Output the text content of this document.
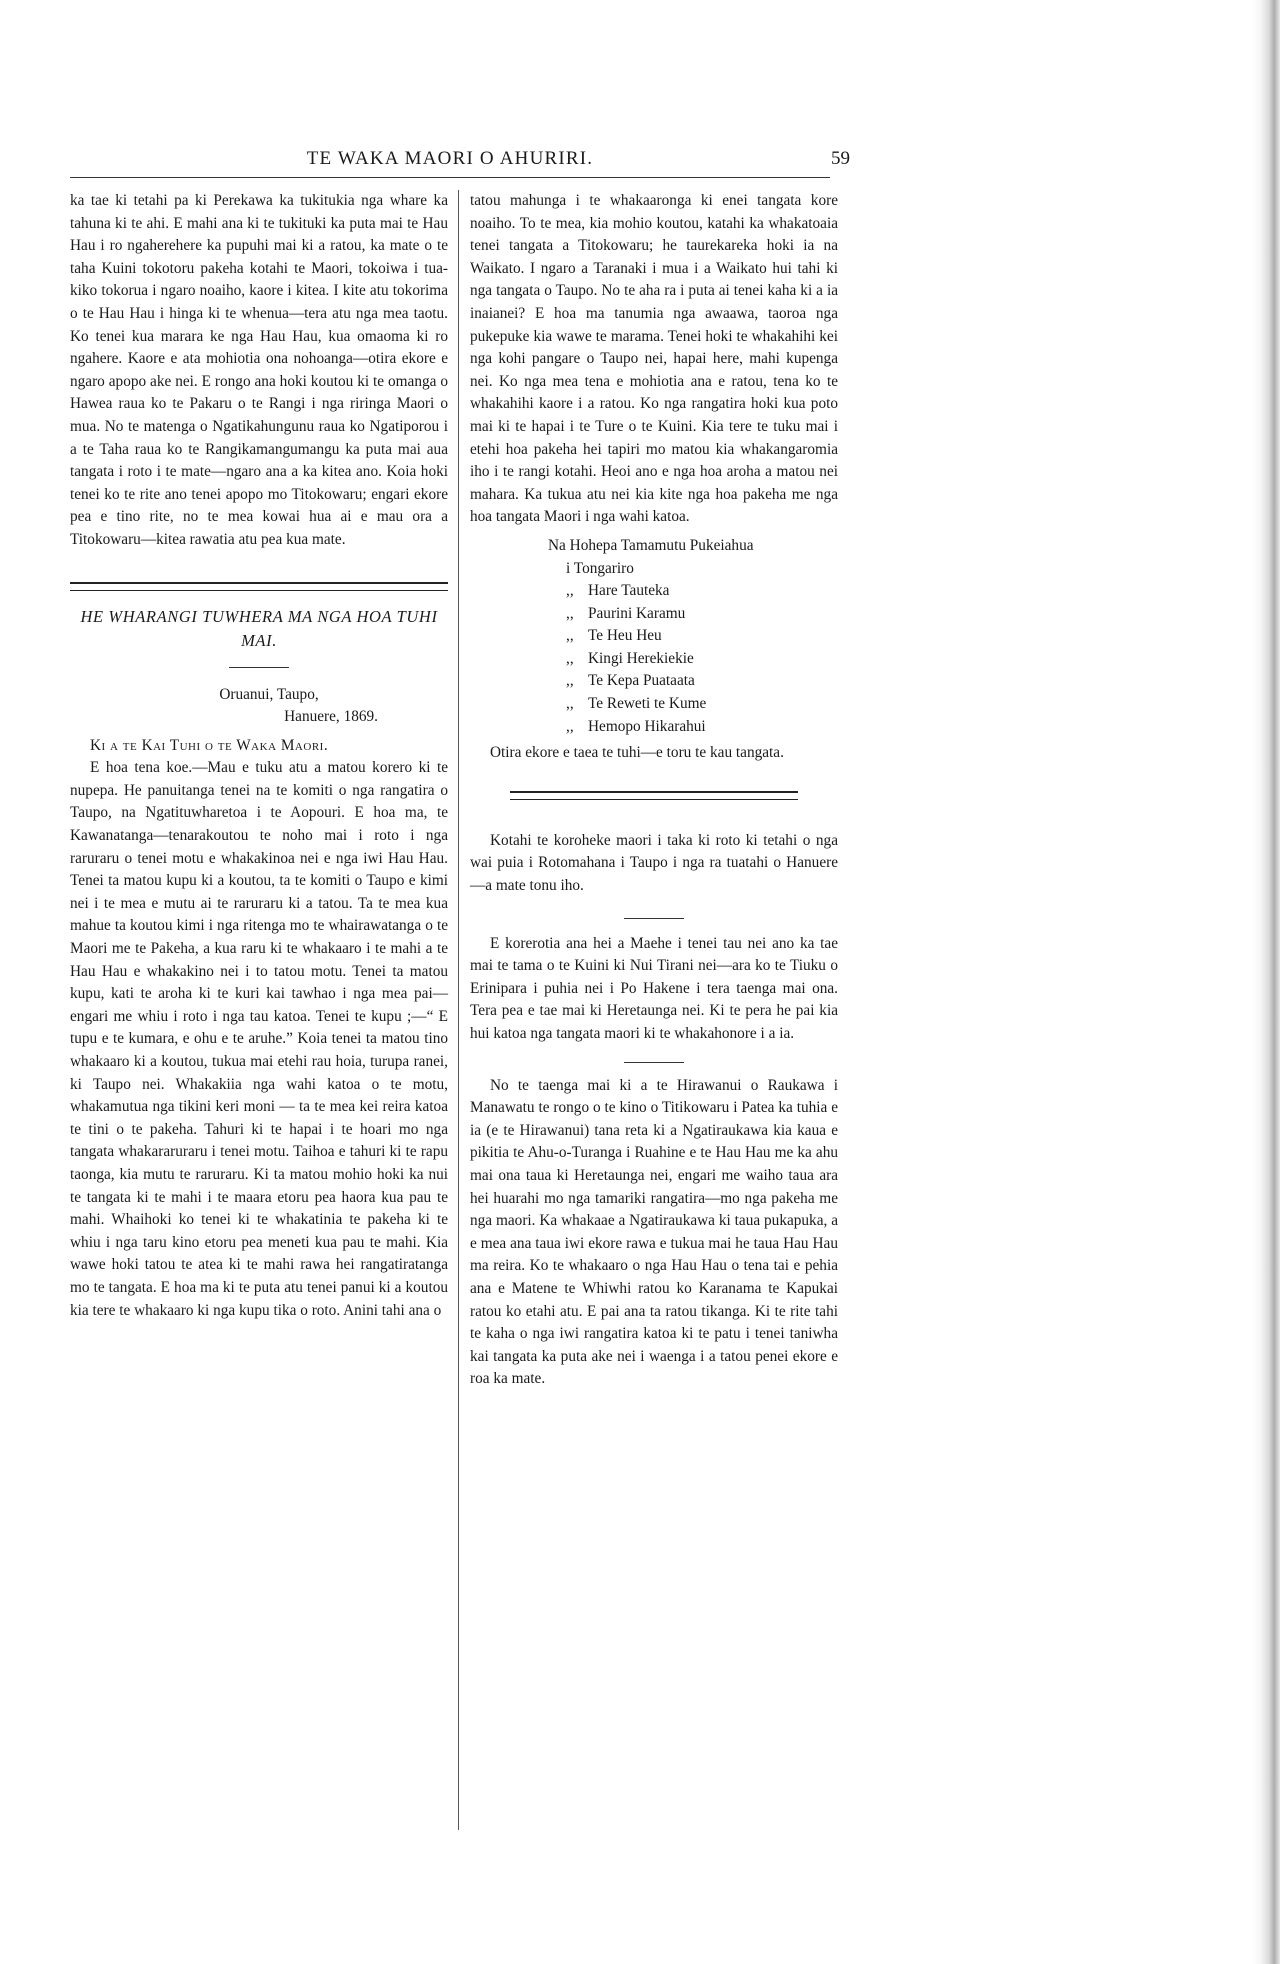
TE WAKA MAORI O AHURIRI.	59

ka tae ki tetahi pa ki Perekawa ka tukitukia nga whare ka tahuna ki te ahi. E mahi ana ki te tukituki ka puta mai te Hau Hau i ro ngaherehere ka pupuhi mai ki a ratou, ka mate o te taha Kuini tokotoru pakeha kotahi te Maori, tokoiwa i tua-kiko tokorua i ngaro noaiho, kaore i kitea. I kite atu tokorima o te Hau Hau i hinga ki te whenua—tera atu nga mea taotu. Ko tenei kua marara ke nga Hau Hau, kua omaoma ki ro ngahere. Kaore e ata mohiotia ona nohoanga—otira ekore e ngaro apopo ake nei. E rongo ana hoki koutou ki te omanga o Hawea raua ko te Pakaru o te Rangi i nga riringa Maori o mua. No te matenga o Ngatikahungunu raua ko Ngatiporou i a te Taha raua ko te Rangikamangumangu ka puta mai aua tangata i roto i te mate—ngaro ana a ka kitea ano. Koia hoki tenei ko te rite ano tenei apopo mo Titokowaru; engari ekore pea e tino rite, no te mea kowai hua ai e mau ora a Titokowaru—kitea rawatia atu pea kua mate.

HE WHARANGI TUWHERA MA NGA HOA TUHI MAI.
Oruanui, Taupo,
Hanuere, 1869.
Ki a te Kai Tuhi o te Waka Maori.

E hoa tena koe.—Mau e tuku atu a matou korero ki te nupepa. He panuitanga tenei na te komiti o nga rangatira o Taupo, na Ngatituwharetoa i te Aopouri. E hoa ma, te Kawanatanga—tenarakoutou te noho mai i roto i nga raruraru o tenei motu e whakakinoa nei e nga iwi Hau Hau. Tenei ta matou kupu ki a koutou, ta te komiti o Taupo e kimi nei i te mea e mutu ai te raruraru ki a tatou. Ta te mea kua mahue ta koutou kimi i nga ritenga mo te whairawatanga o te Maori me te Pakeha, a kua raru ki te whakaaro i te mahi a te Hau Hau e whakakino nei i to tatou motu. Tenei ta matou kupu, kati te aroha ki te kuri kai tawhao i nga mea pai—engari me whiu i roto i nga tau katoa. Tenei te kupu ;—“ E tupu e te kumara, e ohu e te aruhe.” Koia tenei ta matou tino whakaaro ki a koutou, tukua mai etehi rau hoia, turupa ranei, ki Taupo nei. Whakakiia nga wahi katoa o te motu, whakamutua nga tikini keri moni — ta te mea kei reira katoa te tini o te pakeha. Tahuri ki te hapai i te hoari mo nga tangata whakararuraru i tenei motu. Taihoa e tahuri ki te rapu taonga, kia mutu te raruraru. Ki ta matou mohio hoki ka nui te tangata ki te mahi i te maara etoru pea haora kua pau te mahi. Whaihoki ko tenei ki te whakatinia te pakeha ki te whiu i nga taru kino etoru pea meneti kua pau te mahi. Kia wawe hoki tatou te atea ki te mahi rawa hei rangatiratanga mo te tangata. E hoa ma ki te puta atu tenei panui ki a koutou kia tere te whakaaro ki nga kupu tika o roto. Anini tahi ana o

tatou mahunga i te whakaaronga ki enei tangata kore noaiho. To te mea, kia mohio koutou, katahi ka whakatoaia tenei tangata a Titokowaru; he taurekareka hoki ia na Waikato. I ngaro a Taranaki i mua i a Waikato hui tahi ki nga tangata o Taupo. No te aha ra i puta ai tenei kaha ki a ia inaianei? E hoa ma tanumia nga awaawa, taoroa nga pukepuke kia wawe te marama. Tenei hoki te whakahihi kei nga kohi pangare o Taupo nei, hapai here, mahi kupenga nei. Ko nga mea tena e mohiotia ana e ratou, tena ko te whakahihi kaore i a ratou. Ko nga rangatira hoki kua poto mai ki te hapai i te Ture o te Kuini. Kia tere te tuku mai i etehi hoa pakeha hei tapiri mo matou kia whakangaromia iho i te rangi kotahi. Heoi ano e nga hoa aroha a matou nei mahara. Ka tukua atu nei kia kite nga hoa pakeha me nga hoa tangata Maori i nga wahi katoa.

Na Hohepa Tamamutu Pukeiahua
i Tongariro
,, Hare Tauteka
,, Paurini Karamu
,, Te Heu Heu
,, Kingi Herekiekie
,, Te Kepa Puataata
,, Te Reweti te Kume
,, Hemopo Hikarahui

Otira ekore e taea te tuhi—e toru te kau tangata.

Kotahi te koroheke maori i taka ki roto ki tetahi o nga wai puia i Rotomahana i Taupo i nga ra tuatahi o Hanuere—a mate tonu iho.

E korerotia ana hei a Maehe i tenei tau nei ano ka tae mai te tama o te Kuini ki Nui Tirani nei—ara ko te Tiuku o Erinipara i puhia nei i Po Hakene i tera taenga mai ona. Tera pea e tae mai ki Heretaunga nei. Ki te pera he pai kia hui katoa nga tangata maori ki te whakahonore i a ia.

No te taenga mai ki a te Hirawanui o Raukawa i Manawatu te rongo o te kino o Titikowaru i Patea ka tuhia e ia (e te Hirawanui) tana reta ki a Ngatiraukawa kia kaua e pikitia te Ahu-o-Turanga i Ruahine e te Hau Hau me ka ahu mai ona taua ki Heretaunga nei, engari me waiho taua ara hei huarahi mo nga tamariki rangatira—mo nga pakeha me nga maori. Ka whakaae a Ngatiraukawa ki taua pukapuka, a e mea ana taua iwi ekore rawa e tukua mai he taua Hau Hau ma reira. Ko te whakaaro o nga Hau Hau o tena tai e pehia ana e Matene te Whiwhi ratou ko Karanama te Kapukai ratou ko etahi atu. E pai ana ta ratou tikanga. Ki te rite tahi te kaha o nga iwi rangatira katoa ki te patu i tenei taniwha kai tangata ka puta ake nei i waenga i a tatou penei ekore e roa ka mate.
